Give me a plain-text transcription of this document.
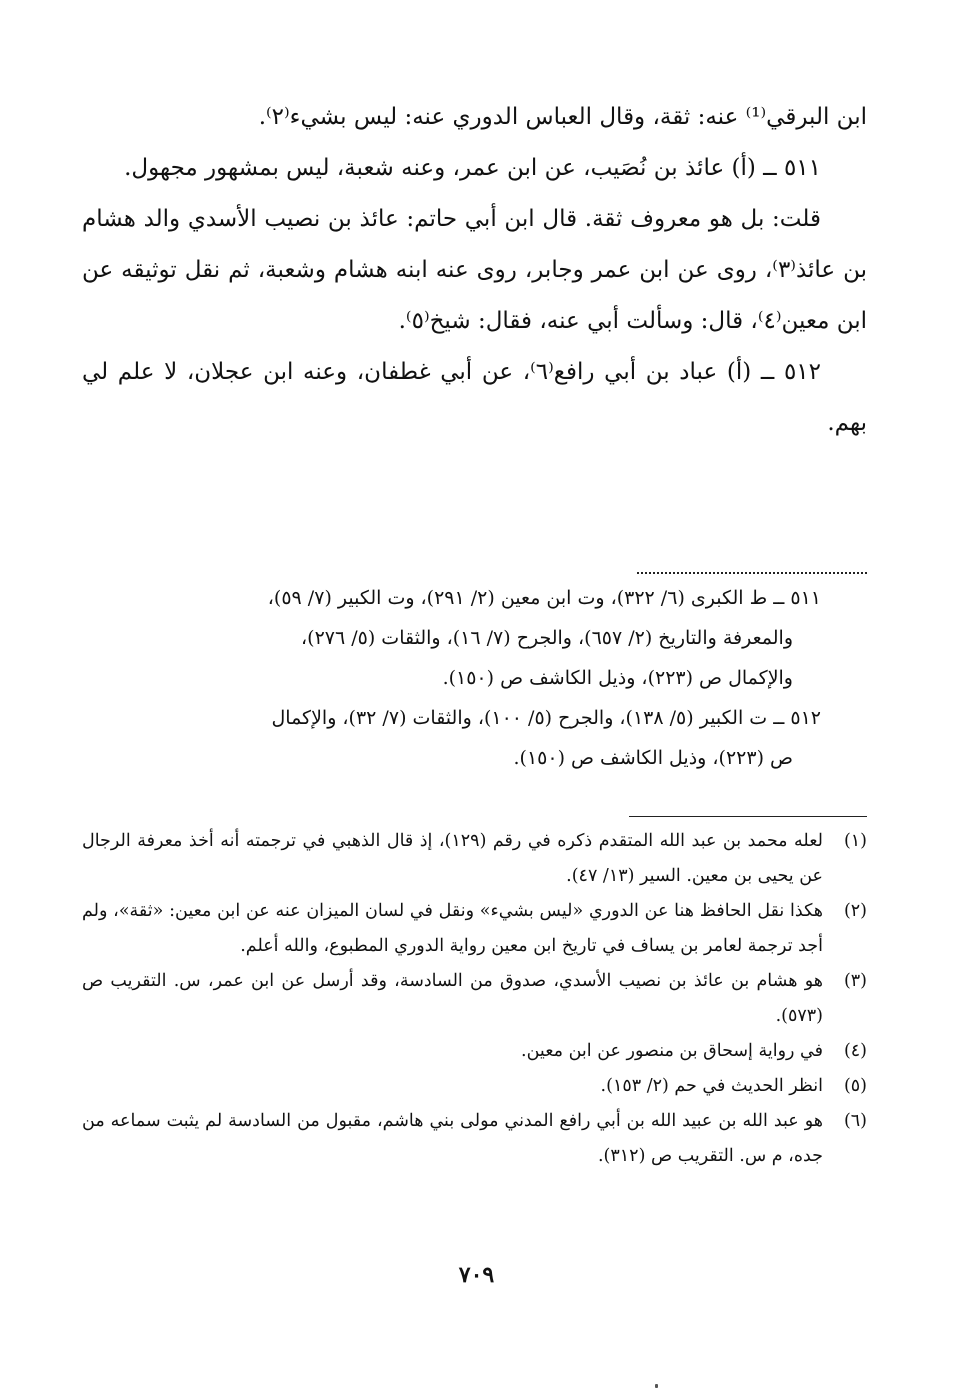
ابن البرقي⁽¹⁾ عنه: ثقة، وقال العباس الدوري عنه: ليس بشيء⁽٢⁾.

٥١١ ــ (أ) عائذ بن نُصَيب، عن ابن عمر، وعنه شعبة، ليس بمشهور مجهول.

قلت: بل هو معروف ثقة. قال ابن أبي حاتم: عائذ بن نصيب الأسدي والد هشام بن عائذ⁽٣⁾، روى عن ابن عمر وجابر، روى عنه ابنه هشام وشعبة، ثم نقل توثيقه عن ابن معين⁽٤⁾، قال: وسألت أبي عنه، فقال: شيخ⁽٥⁾.

٥١٢ ــ (أ) عباد بن أبي رافع⁽٦⁾، عن أبي غطفان، وعنه ابن عجلان، لا علم لي بهم.

٥١١ ــ ط الكبرى (٦/ ٣٢٢)، وت ابن معين (٢/ ٢٩١)، وت الكبير (٧/ ٥٩)،
والمعرفة والتاريخ (٢/ ٦٥٧)، والجرح (٧/ ١٦)، والثقات (٥/ ٢٧٦)،
والإكمال ص (٢٢٣)، وذيل الكاشف ص (١٥٠).
٥١٢ ــ ت الكبير (٥/ ١٣٨)، والجرح (٥/ ١٠٠)، والثقات (٧/ ٣٢)، والإكمال
ص (٢٢٣)، وذيل الكاشف ص (١٥٠).
(١)
لعله محمد بن عبد الله المتقدم ذكره في رقم (١٢٩)، إذ قال الذهبي في ترجمته أنه أخذ معرفة الرجال عن يحيى بن معين. السير (١٣/ ٤٧).
(٢)
هكذا نقل الحافظ هنا عن الدوري «ليس بشيء» ونقل في لسان الميزان عنه عن ابن معين: «ثقة»، ولم أجد ترجمة لعامر بن يساف في تاريخ ابن معين رواية الدوري المطبوع، والله أعلم.
(٣)
هو هشام بن عائذ بن نصيب الأسدي، صدوق من السادسة، وقد أرسل عن ابن عمر، س. التقريب ص (٥٧٣).
(٤)
في رواية إسحاق بن منصور عن ابن معين.
(٥)
انظر الحديث في حم (٢/ ١٥٣).
(٦)
هو عبد الله بن عبيد الله بن أبي رافع المدني مولى بني هاشم، مقبول من السادسة لم يثبت سماعه من جده، م س. التقريب ص (٣١٢).
٧٠٩
